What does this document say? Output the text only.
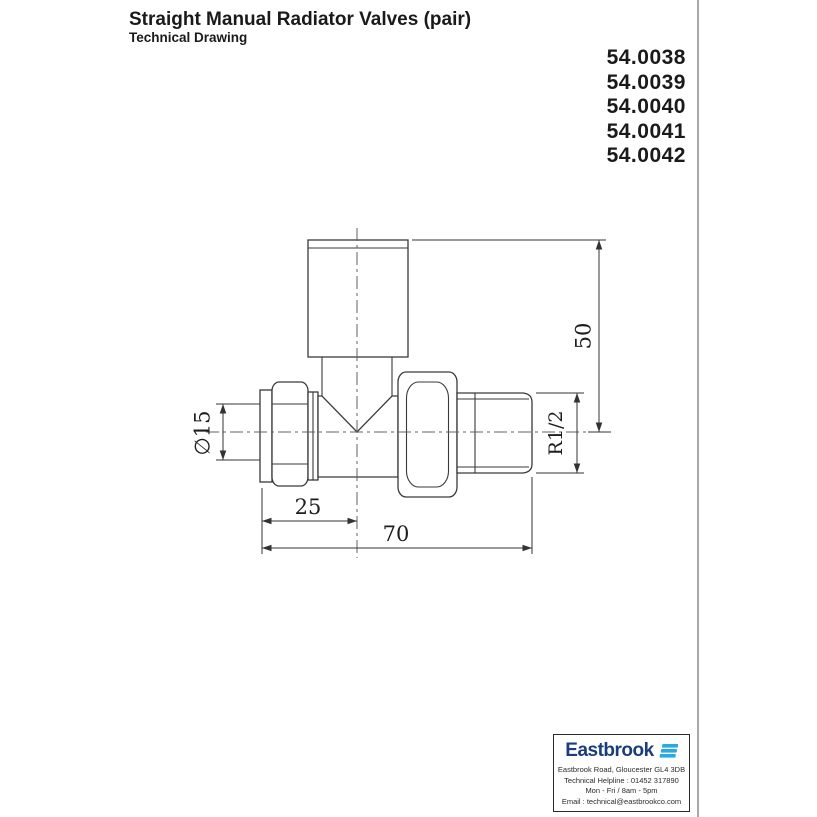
Straight Manual Radiator Valves (pair)
Technical Drawing
54.0038
54.0039
54.0040
54.0041
54.0042
∅15
25
70
50
R1/2
Eastbrook
Eastbrook Road, Gloucester GL4 3DB
Technical Helpline : 01452 317890
Mon - Fri / 8am - 5pm
Email : technical@eastbrookco.com
